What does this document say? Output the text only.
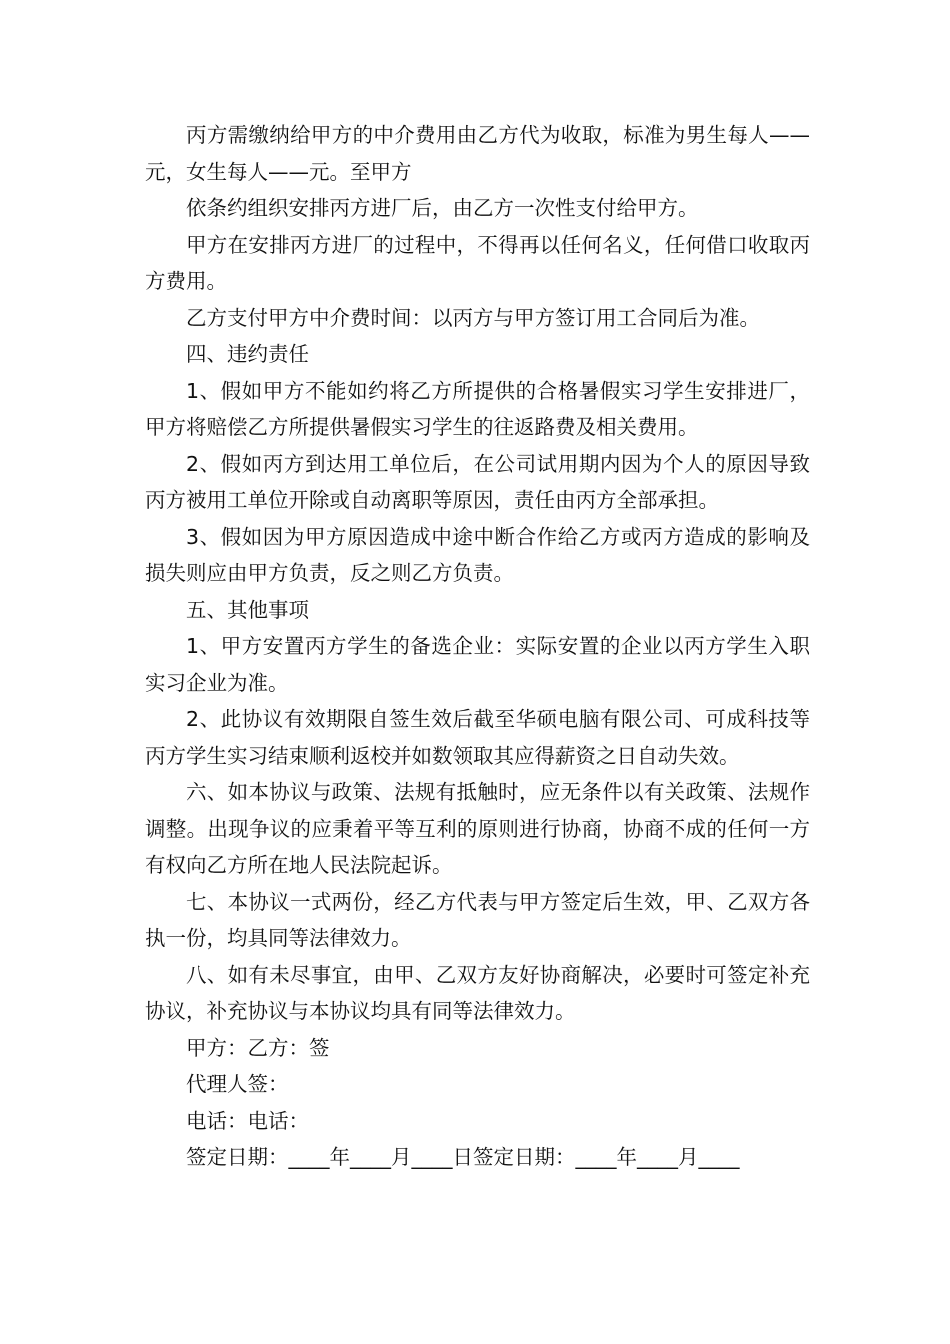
丙方需缴纳给甲方的中介费用由乙方代为收取，标准为男生每人——元，女生每人——元。至甲方

依条约组织安排丙方进厂后，由乙方一次性支付给甲方。

甲方在安排丙方进厂的过程中，不得再以任何名义，任何借口收取丙方费用。

乙方支付甲方中介费时间：以丙方与甲方签订用工合同后为准。

四、违约责任

1、假如甲方不能如约将乙方所提供的合格暑假实习学生安排进厂，甲方将赔偿乙方所提供暑假实习学生的往返路费及相关费用。

2、假如丙方到达用工单位后，在公司试用期内因为个人的原因导致丙方被用工单位开除或自动离职等原因，责任由丙方全部承担。

3、假如因为甲方原因造成中途中断合作给乙方或丙方造成的影响及损失则应由甲方负责，反之则乙方负责。

五、其他事项

1、甲方安置丙方学生的备选企业：实际安置的企业以丙方学生入职实习企业为准。

2、此协议有效期限自签生效后截至华硕电脑有限公司、可成科技等丙方学生实习结束顺利返校并如数领取其应得薪资之日自动失效。

六、如本协议与政策、法规有抵触时，应无条件以有关政策、法规作调整。出现争议的应秉着平等互利的原则进行协商，协商不成的任何一方有权向乙方所在地人民法院起诉。

七、本协议一式两份，经乙方代表与甲方签定后生效，甲、乙双方各执一份，均具同等法律效力。

八、如有未尽事宜，由甲、乙双方友好协商解决，必要时可签定补充协议，补充协议与本协议均具有同等法律效力。

甲方：乙方：签

代理人签：

电话：电话：

签定日期：____年____月____日签定日期：____年____月____
